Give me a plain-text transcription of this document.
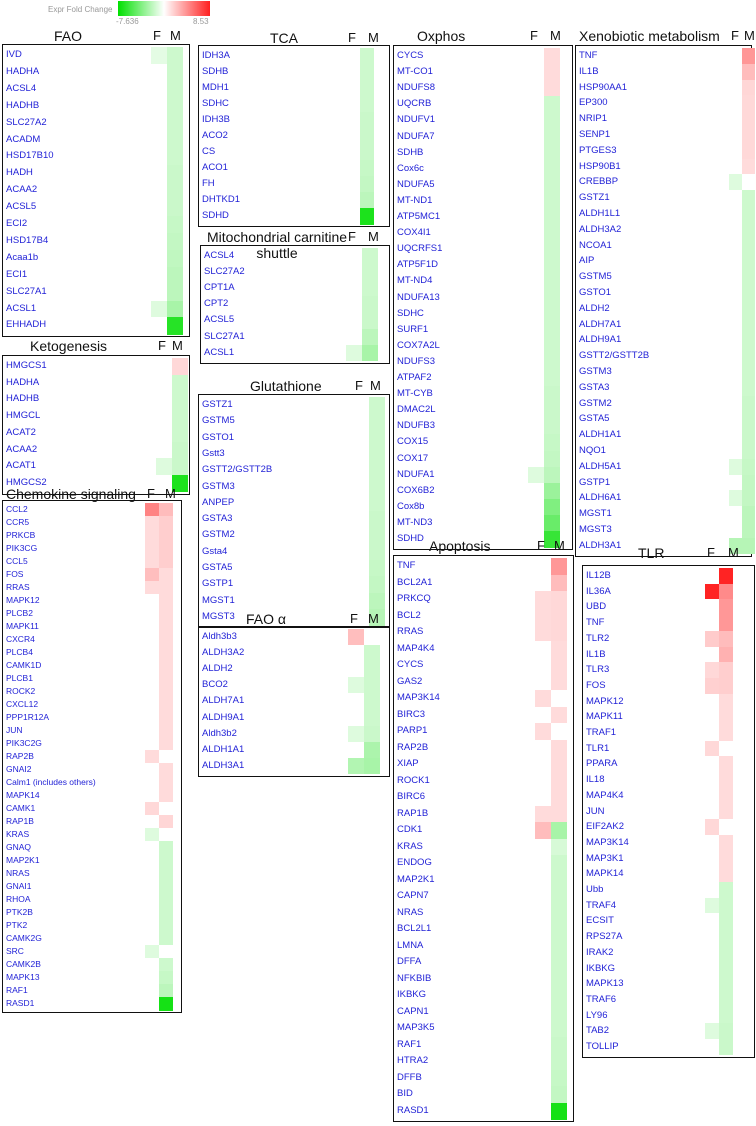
Expr Fold Change
-7.636	8.53
FAO	F M
IVD
HADHA
ACSL4
HADHB
SLC27A2
ACADM
HSD17B10
HADH
ACAA2
ACSL5
ECI2
HSD17B4
Acaa1b
ECI1
SLC27A1
ACSL1
EHHADH
TCA	F M
IDH3A
SDHB
MDH1
SDHC
IDH3B
ACO2
CS
ACO1
FH
DHTKD1
SDHD
Mitochondrial carnitine shuttle
F M
ACSL4
SLC27A2
CPT1A
CPT2
ACSL5
SLC27A1
ACSL1
Glutathione	F M
GSTZ1
GSTM5
GSTO1
Gstt3
GSTT2/GSTT2B
GSTM3
ANPEP
GSTA3
GSTM2
Gsta4
GSTA5
GSTP1
MGST1
MGST3 FAO α	F M
Aldh3b3
ALDH3A2
ALDH2
BCO2
ALDH7A1
ALDH9A1
Aldh3b2
ALDH1A1
ALDH3A1
Ketogenesis	F M
HMGCS1
HADHA
HADHB
HMGCL
ACAT2
ACAA2
ACAT1
HMGCS2
Chemokine signaling F M
CCL2
CCR5
PRKCB
PIK3CG
CCL5
FOS
RRAS
MAPK12
PLCB2
MAPK11
CXCR4
PLCB4
CAMK1D
PLCB1
ROCK2
CXCL12
PPP1R12A
JUN
PIK3C2G
RAP2B
GNAI2
Calm1 (includes others)
MAPK14
CAMK1
RAP1B
KRAS
GNAQ
MAP2K1
NRAS
GNAI1
RHOA
PTK2B
PTK2
CAMK2G
SRC
CAMK2B
MAPK13
RAF1
RASD1
Oxphos	F M
CYCS
MT-CO1
NDUFS8
UQCRB
NDUFV1
NDUFA7
SDHB
Cox6c
NDUFA5
MT-ND1
ATP5MC1
COX4I1
UQCRFS1
ATP5F1D
MT-ND4
NDUFA13
SDHC
SURF1
COX7A2L
NDUFS3
ATPAF2
MT-CYB
DMAC2L
NDUFB3
COX15
COX17
NDUFA1
COX6B2
Cox8b
MT-ND3
SDHD Apoptosis	F M
TNF
BCL2A1
PRKCQ
BCL2
RRAS
MAP4K4
CYCS
GAS2
MAP3K14
BIRC3
PARP1
RAP2B
XIAP
ROCK1
BIRC6
RAP1B
CDK1
KRAS
ENDOG
MAP2K1
CAPN7
NRAS
BCL2L1
LMNA
DFFA
NFKBIB
IKBKG
CAPN1
MAP3K5
RAF1
HTRA2
DFFB
BID
RASD1
Xenobiotic metabolism F M
TNF
IL1B
HSP90AA1
EP300
NRIP1
SENP1
PTGES3
HSP90B1
CREBBP
GSTZ1
ALDH1L1
ALDH3A2
NCOA1
AIP
GSTM5
GSTO1
ALDH2
ALDH7A1
ALDH9A1
GSTT2/GSTT2B
GSTM3
GSTA3
GSTM2
GSTA5
ALDH1A1
NQO1
ALDH5A1
GSTP1
ALDH6A1
MGST1
MGST3
ALDH3A1 TLR	F M
IL12B
IL36A
UBD
TNF
TLR2
IL1B
TLR3
FOS
MAPK12
MAPK11
TRAF1
TLR1
PPARA
IL18
MAP4K4
JUN
EIF2AK2
MAP3K14
MAP3K1
MAPK14
Ubb
TRAF4
ECSIT
RPS27A
IRAK2
IKBKG
MAPK13
TRAF6
LY96
TAB2
TOLLIP
